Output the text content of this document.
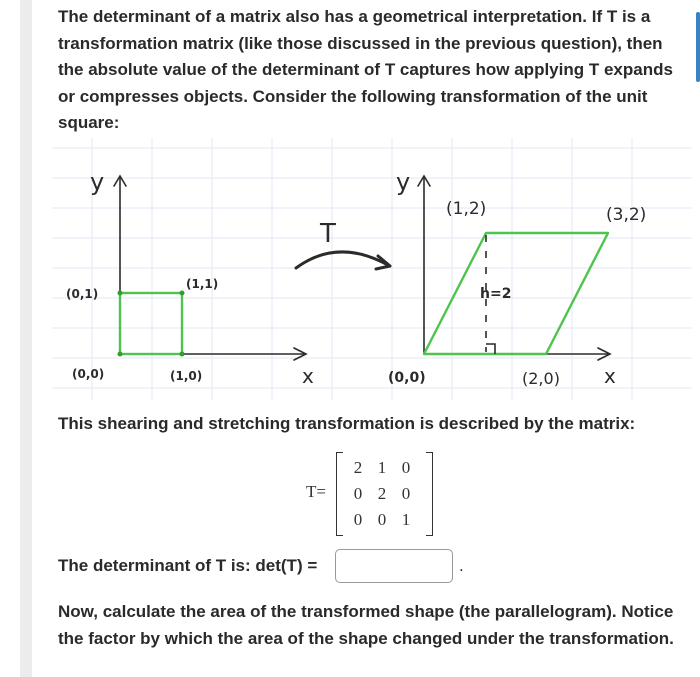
The determinant of a matrix also has a geometrical interpretation. If T is a transformation matrix (like those discussed in the previous question), then the absolute value of the determinant of T captures how applying T expands or compresses objects. Consider the following transformation of the unit square:
y
x
(0,1)
(1,1)
(0,0)	(1,0)
T
h=2
y
x
(1,2)	(3,2)
(0,0)	(2,0)
This shearing and stretching transformation is described by the matrix:
T=
2 1 0
0 2 0
0 0 1
The determinant of T is: det(T) =	.
Now, calculate the area of the transformed shape (the parallelogram). Notice the factor by which the area of the shape changed under the transformation.
